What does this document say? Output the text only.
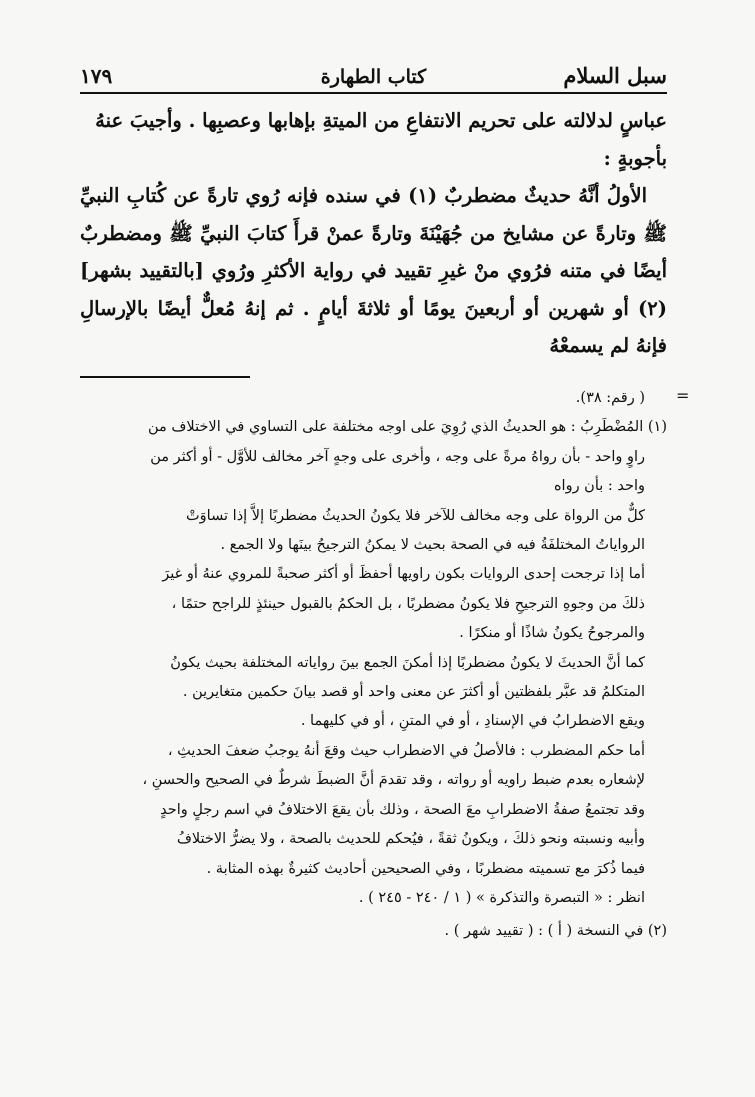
سبل السلام
كتاب الطهارة
١٧٩

عباسٍ لدلالته على تحريم الانتفاعِ من الميتةِ بإهابها وعصبِها . وأجيبَ عنهُ

بأجوبةٍ :

الأولُ أنَّهُ حديثٌ مضطربٌ (١) في سنده فإنه رُوي تارةً عن كُتابِ النبيِّ ﷺ وتارةً عن مشايخ من جُهَيْنَةَ وتارةً عمنْ قرأَ كتابَ النبيِّ ﷺ ومضطربٌ أيضًا في متنه فرُوي منْ غيرِ تقييد في رواية الأكثرِ ورُوي [بالتقييد بشهر] (٢) أو شهرين أو أربعينَ يومًا أو ثلاثةَ أيامٍ . ثم إنهُ مُعلٌّ أيضًا بالإرسالِ فإنهُ لم يسمعْهُ

=
( رقم: ٣٨).
(١) المُضْطَرِبُ : هو الحديثُ الذي رُوِيَ على اوجه مختلفة على التساوي في الاختلاف من
راوٍ واحد - بأن رواهُ مرةً على وجه ، وأخرى على وجهٍ آخر مخالف للأوَّل - أو أكثر من
واحد : بأن رواه
كلٌّ من الرواة على وجه مخالف للآخر فلا يكونُ الحديثُ مضطربًا إلاَّ إذا تساوَتْ
الرواياتُ المختلفَةُ فيه في الصحة بحيث لا يمكنُ الترجيحُ بينَها ولا الجمع .
أما إذا ترجحت إحدى الروايات بكون راويها أحفظَ أو أكثر صحبةً للمروي عنهُ أو غيرَ
ذلكَ من وجوهِ الترجيحِ فلا يكونُ مضطربًا ، بل الحكمُ بالقبول حينئذٍ للراجح حتمًا ،
والمرجوحُ يكونُ شاذًا أو منكرًا .
كما أنَّ الحديثَ لا يكونُ مضطربًا إذا أمكنَ الجمع بينَ رواياته المختلفة بحيث يكونُ
المتكلمُ قد عبَّر بلفظتين أو أكثرَ عن معنى واحد أو قصد بيانَ حكمين متغايرين .
ويقع الاضطرابُ في الإسنادِ ، أو في المتنِ ، أو في كليهما .
أما حكم المضطرب : فالأصلُ في الاضطراب حيث وقعَ أنهُ يوجبُ ضعفَ الحديثِ ،
لإشعاره بعدم ضبط راويه أو رواته ، وقد تقدمَ أنَّ الضبطَ شرطٌ في الصحيح والحسنِ ،
وقد تجتمعُ صفةُ الاضطرابِ معَ الصحة ، وذلك بأن يقعَ الاختلافُ في اسم رجلٍ واحدٍ
وأبيه ونسبته ونحو ذلكَ ، ويكونُ ثقةً ، فيُحكم للحديث بالصحة ، ولا يضرُّ الاختلافُ
فيما ذُكرَ مع تسميته مضطربًا ، وفي الصحيحين أحاديث كثيرةٌ بهذه المثابة .
انظر : « التبصرة والتذكرة » ( ١ / ٢٤٠ - ٢٤٥ ) .
(٢) في النسخة ( أ ) : ( تقييد شهر ) .
